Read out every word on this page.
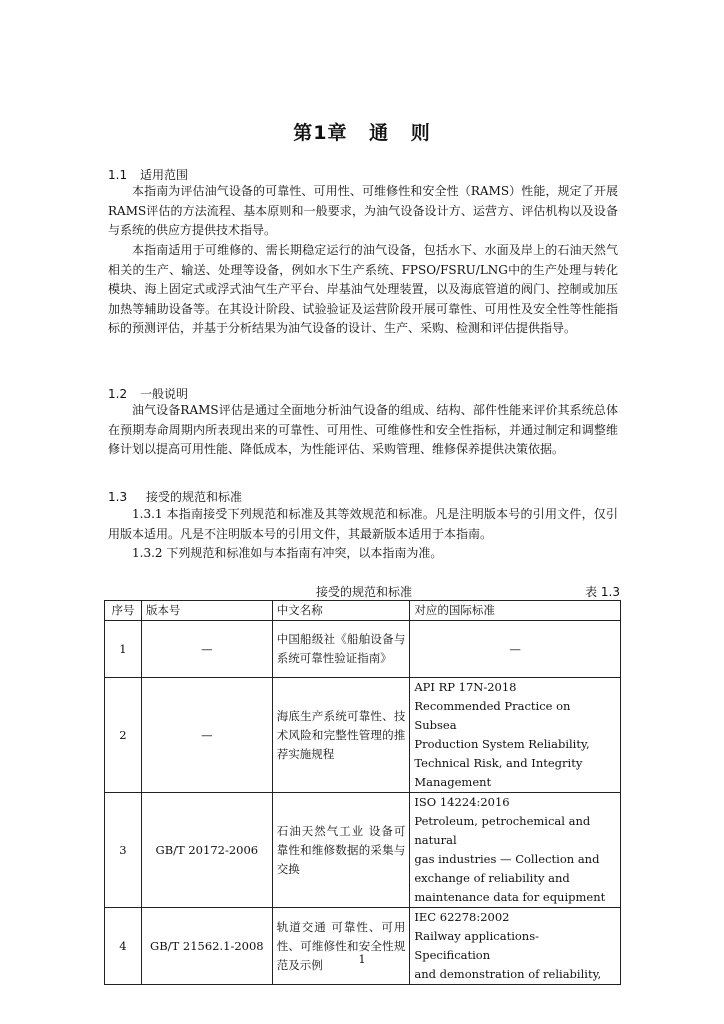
第1章 通 则
1.1 适用范围

本指南为评估油气设备的可靠性、可用性、可维修性和安全性（RAMS）性能，规定了开展RAMS评估的方法流程、基本原则和一般要求，为油气设备设计方、运营方、评估机构以及设备与系统的供应方提供技术指导。

本指南适用于可维修的、需长期稳定运行的油气设备，包括水下、水面及岸上的石油天然气相关的生产、输送、处理等设备，例如水下生产系统、FPSO/FSRU/LNG中的生产处理与转化模块、海上固定式或浮式油气生产平台、岸基油气处理装置，以及海底管道的阀门、控制或加压加热等辅助设备等。在其设计阶段、试验验证及运营阶段开展可靠性、可用性及安全性等性能指标的预测评估，并基于分析结果为油气设备的设计、生产、采购、检测和评估提供指导。

1.2 一般说明

油气设备RAMS评估是通过全面地分析油气设备的组成、结构、部件性能来评价其系统总体在预期寿命周期内所表现出来的可靠性、可用性、可维修性和安全性指标，并通过制定和调整维修计划以提高可用性能、降低成本，为性能评估、采购管理、维修保养提供决策依据。

1.3 接受的规范和标准

1.3.1 本指南接受下列规范和标准及其等效规范和标准。凡是注明版本号的引用文件，仅引用版本适用。凡是不注明版本号的引用文件，其最新版本适用于本指南。

1.3.2 下列规范和标准如与本指南有冲突，以本指南为准。

接受的规范和标准	表 1.3
序号	版本号	中文名称	对应的国际标准
1	—	中国船级社《船舶设备与系统可靠性验证指南》	—

2	—	海底生产系统可靠性、技术风险和完整性管理的推荐实施规程	API RP 17N-2018
Recommended Practice on Subsea
Production System Reliability,
Technical Risk, and Integrity
Management

3	GB/T 20172-2006	石油天然气工业 设备可靠性和维修数据的采集与交换	ISO 14224:2016
Petroleum, petrochemical and natural
gas industries — Collection and
exchange of reliability and
maintenance data for equipment

4	GB/T 21562.1-2008	轨道交通 可靠性、可用性、可维修性和安全性规范及示例	IEC 62278:2002
Railway applications- Specification
and demonstration of reliability,
1
